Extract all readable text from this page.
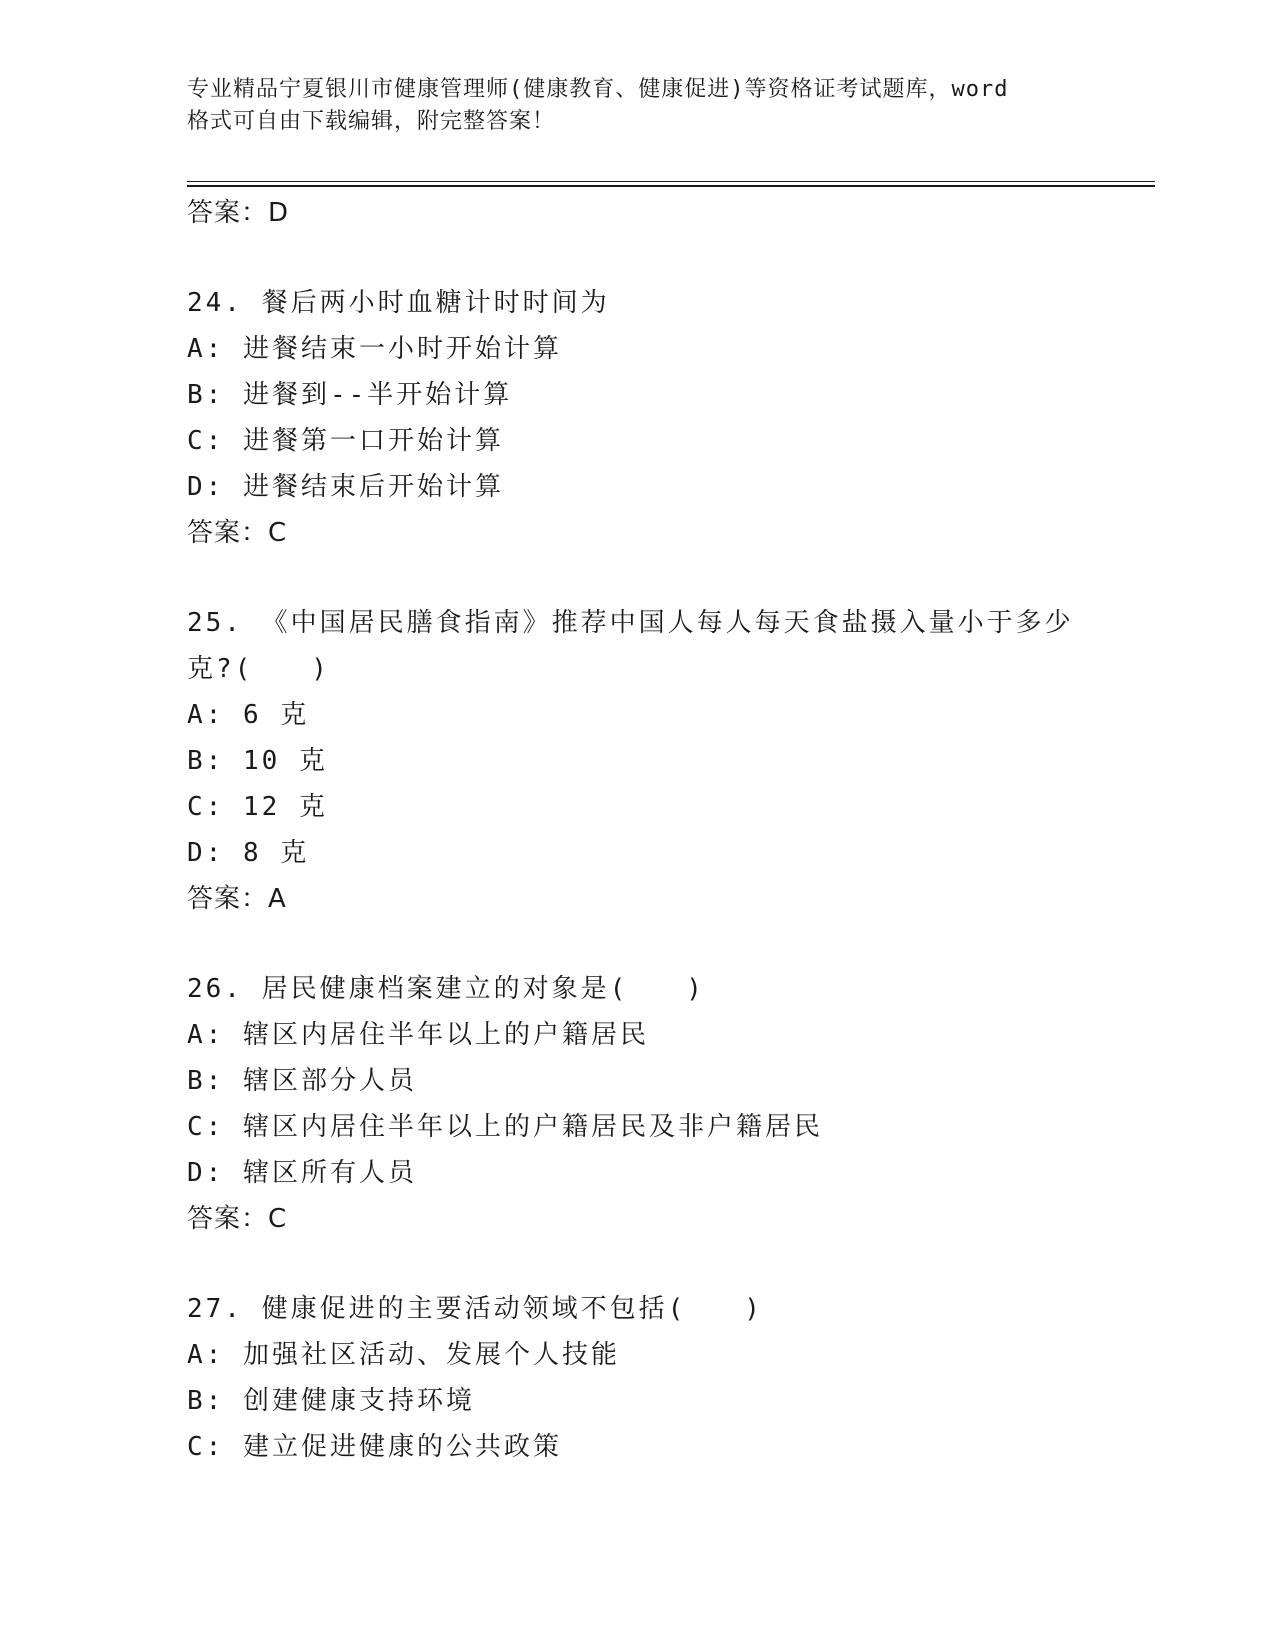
专业精品宁夏银川市健康管理师(健康教育、健康促进)等资格证考试题库，word
格式可自由下载编辑，附完整答案！
答案：D
24. 餐后两小时血糖计时时间为
A: 进餐结束一小时开始计算
B: 进餐到--半开始计算
C: 进餐第一口开始计算
D: 进餐结束后开始计算
答案：C
25. 《中国居民膳食指南》推荐中国人每人每天食盐摄入量小于多少
克?(　　)
A: 6 克
B: 10 克
C: 12 克
D: 8 克
答案：A
26. 居民健康档案建立的对象是(　　)
A: 辖区内居住半年以上的户籍居民
B: 辖区部分人员
C: 辖区内居住半年以上的户籍居民及非户籍居民
D: 辖区所有人员
答案：C
27. 健康促进的主要活动领域不包括(　　)
A: 加强社区活动、发展个人技能
B: 创建健康支持环境
C: 建立促进健康的公共政策
